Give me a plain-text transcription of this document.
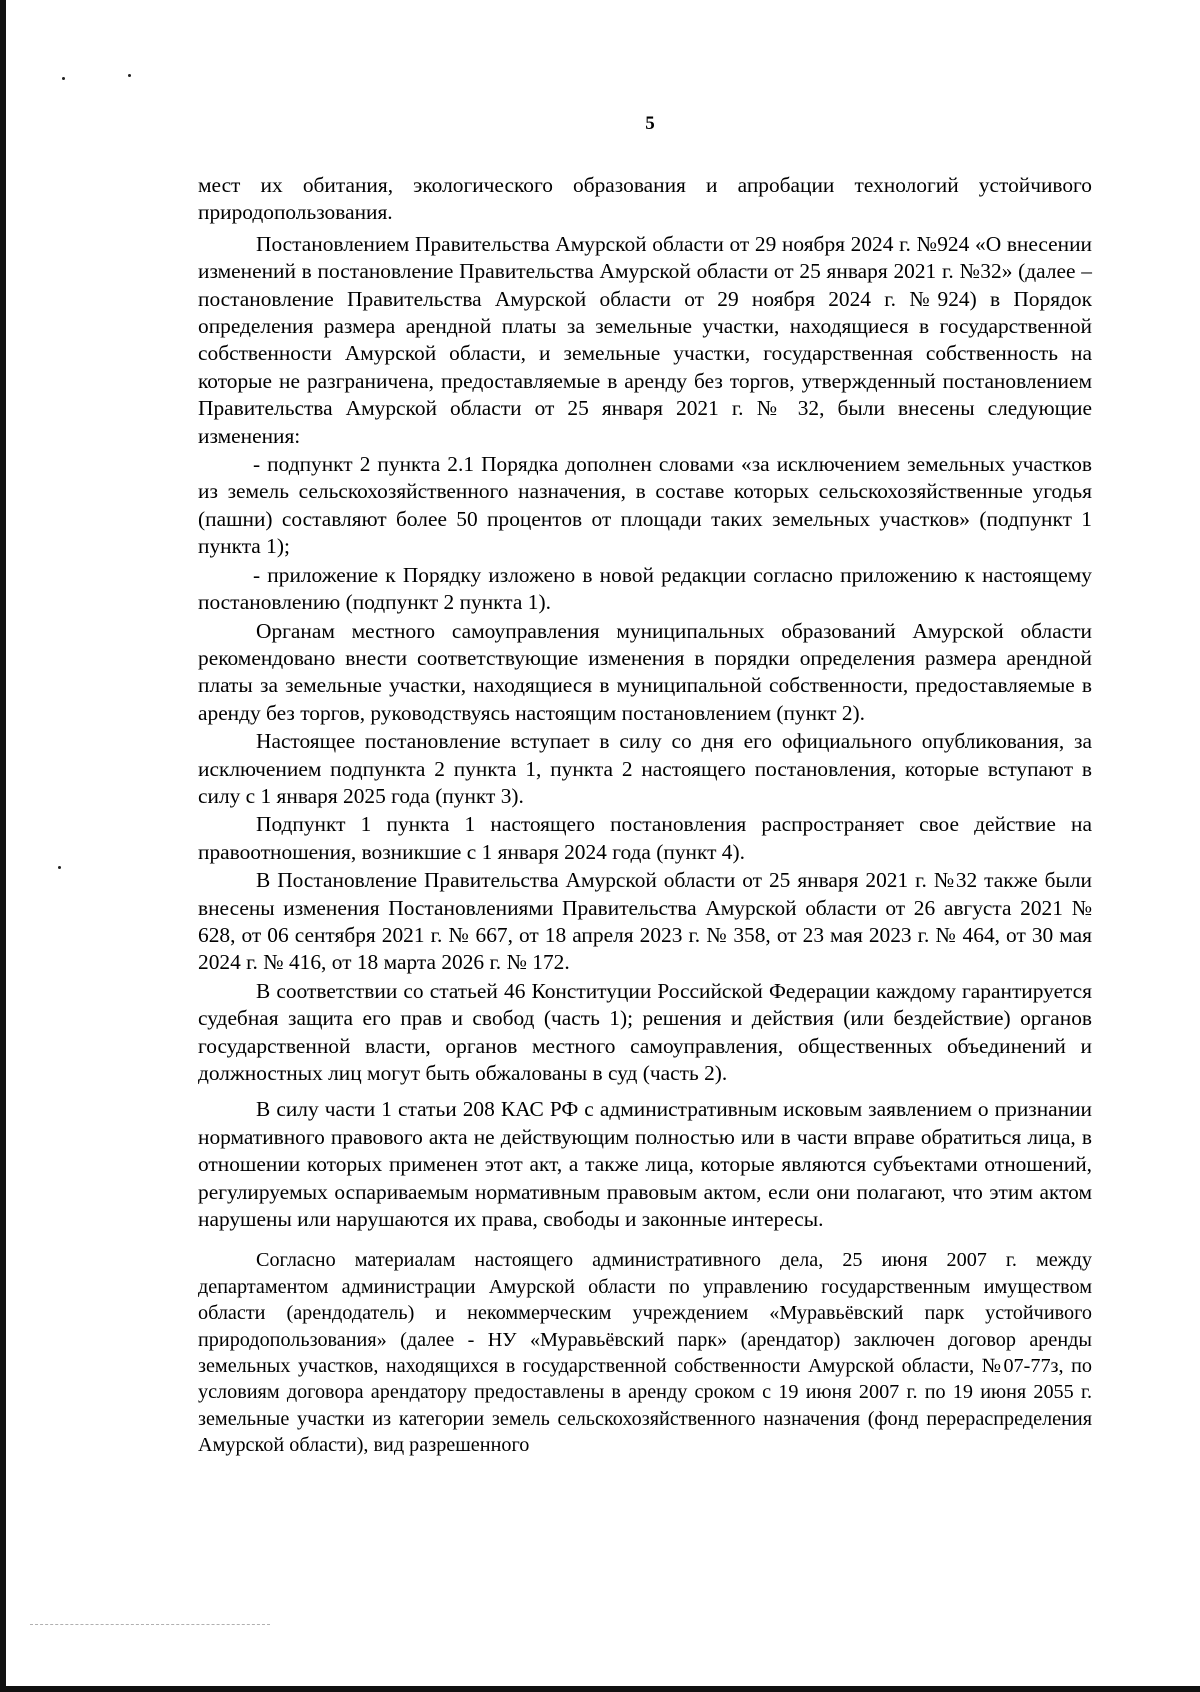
5

мест их обитания, экологического образования и апробации технологий устойчивого природопользования.

Постановлением Правительства Амурской области от 29 ноября 2024 г. №924 «О внесении изменений в постановление Правительства Амурской области от 25 января 2021 г. №32» (далее – постановление Правительства Амурской области от 29 ноября 2024 г. №924) в Порядок определения размера арендной платы за земельные участки, находящиеся в государственной собственности Амурской области, и земельные участки, государственная собственность на которые не разграничена, предоставляемые в аренду без торгов, утвержденный постановлением Правительства Амурской области от 25 января 2021 г. № 32, были внесены следующие изменения:

- подпункт 2 пункта 2.1 Порядка дополнен словами «за исключением земельных участков из земель сельскохозяйственного назначения, в составе которых сельскохозяйственные угодья (пашни) составляют более 50 процентов от площади таких земельных участков» (подпункт 1 пункта 1);

- приложение к Порядку изложено в новой редакции согласно приложению к настоящему постановлению (подпункт 2 пункта 1).

Органам местного самоуправления муниципальных образований Амурской области рекомендовано внести соответствующие изменения в порядки определения размера арендной платы за земельные участки, находящиеся в муниципальной собственности, предоставляемые в аренду без торгов, руководствуясь настоящим постановлением (пункт 2).

Настоящее постановление вступает в силу со дня его официального опубликования, за исключением подпункта 2 пункта 1, пункта 2 настоящего постановления, которые вступают в силу с 1 января 2025 года (пункт 3).

Подпункт 1 пункта 1 настоящего постановления распространяет свое действие на правоотношения, возникшие с 1 января 2024 года (пункт 4).

В Постановление Правительства Амурской области от 25 января 2021 г. №32 также были внесены изменения Постановлениями Правительства Амурской области от 26 августа 2021 № 628, от 06 сентября 2021 г. № 667, от 18 апреля 2023 г. № 358, от 23 мая 2023 г. № 464, от 30 мая 2024 г. № 416, от 18 марта 2026 г. № 172.

В соответствии со статьей 46 Конституции Российской Федерации каждому гарантируется судебная защита его прав и свобод (часть 1); решения и действия (или бездействие) органов государственной власти, органов местного самоуправления, общественных объединений и должностных лиц могут быть обжалованы в суд (часть 2).

В силу части 1 статьи 208 КАС РФ с административным исковым заявлением о признании нормативного правового акта не действующим полностью или в части вправе обратиться лица, в отношении которых применен этот акт, а также лица, которые являются субъектами отношений, регулируемых оспариваемым нормативным правовым актом, если они полагают, что этим актом нарушены или нарушаются их права, свободы и законные интересы.

Согласно материалам настоящего административного дела, 25 июня 2007 г. между департаментом администрации Амурской области по управлению государственным имуществом области (арендодатель) и некоммерческим учреждением «Муравьёвский парк устойчивого природопользования» (далее - НУ «Муравьёвский парк» (арендатор) заключен договор аренды земельных участков, находящихся в государственной собственности Амурской области, №07-77з, по условиям договора арендатору предоставлены в аренду сроком с 19 июня 2007 г. по 19 июня 2055 г. земельные участки из категории земель сельскохозяйственного назначения (фонд перераспределения Амурской области), вид разрешенного
